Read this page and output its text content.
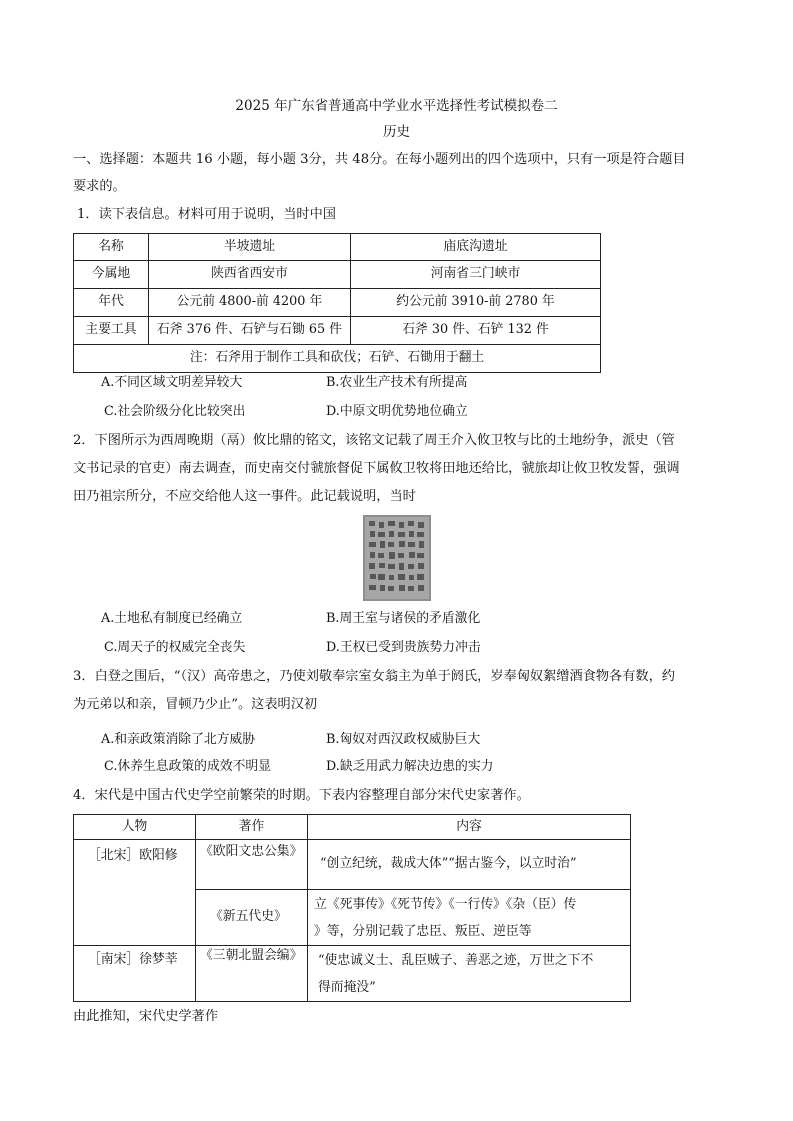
2025 年广东省普通高中学业水平选择性考试模拟卷二
历史
一、选择题：本题共 16 小题，每小题 3分，共 48分。在每小题列出的四个选项中，只有一项是符合题目
要求的。
1．读下表信息。材料可用于说明，当时中国
名称	半坡遗址	庙底沟遗址
今属地	陕西省西安市	河南省三门峡市
年代	公元前 4800-前 4200 年	约公元前 3910-前 2780 年
主要工具	石斧 376 件、石铲与石锄 65 件	石斧 30 件、石铲 132 件
注：石斧用于制作工具和砍伐；石铲、石锄用于翻土		
A.不同区域文明差异较大	B.农业生产技术有所提高
C.社会阶级分化比较突出	D.中原文明优势地位确立
2．下图所示为西周晚期（鬲）攸比鼎的铭文，该铭文记载了周王介入攸卫牧与比的土地纷争，派史（管
文书记录的官吏）南去调查，而史南交付虢旅督促下属攸卫牧将田地还给比，虢旅却让攸卫牧发誓，强调
田乃祖宗所分，不应交给他人这一事件。此记载说明，当时
A.土地私有制度已经确立	B.周王室与诸侯的矛盾激化
C.周天子的权威完全丧失	D.王权已受到贵族势力冲击
3．白登之围后，“（汉）高帝患之，乃使刘敬奉宗室女翁主为单于阏氏，岁奉匈奴絮缯酒食物各有数，约
为元弟以和亲，冒顿乃少止”。这表明汉初
A.和亲政策消除了北方威胁	B.匈奴对西汉政权威胁巨大
C.休养生息政策的成效不明显	D.缺乏用武力解决边患的实力
4．宋代是中国古代史学空前繁荣的时期。下表内容整理自部分宋代史家著作。
人物	著作	内容
［北宋］欧阳修	《欧阳文忠公集》	“创立纪统，裁成大体”“据古鉴今，以立时治”
	《新五代史》	立《死事传》《死节传》《一行传》《杂（臣）传
》等，分别记载了忠臣、叛臣、逆臣等

［南宋］徐梦莘	《三朝北盟会编》	“使忠诚义士、乱臣贼子、善恶之迹，万世之下不
得而掩没”
由此推知，宋代史学著作
